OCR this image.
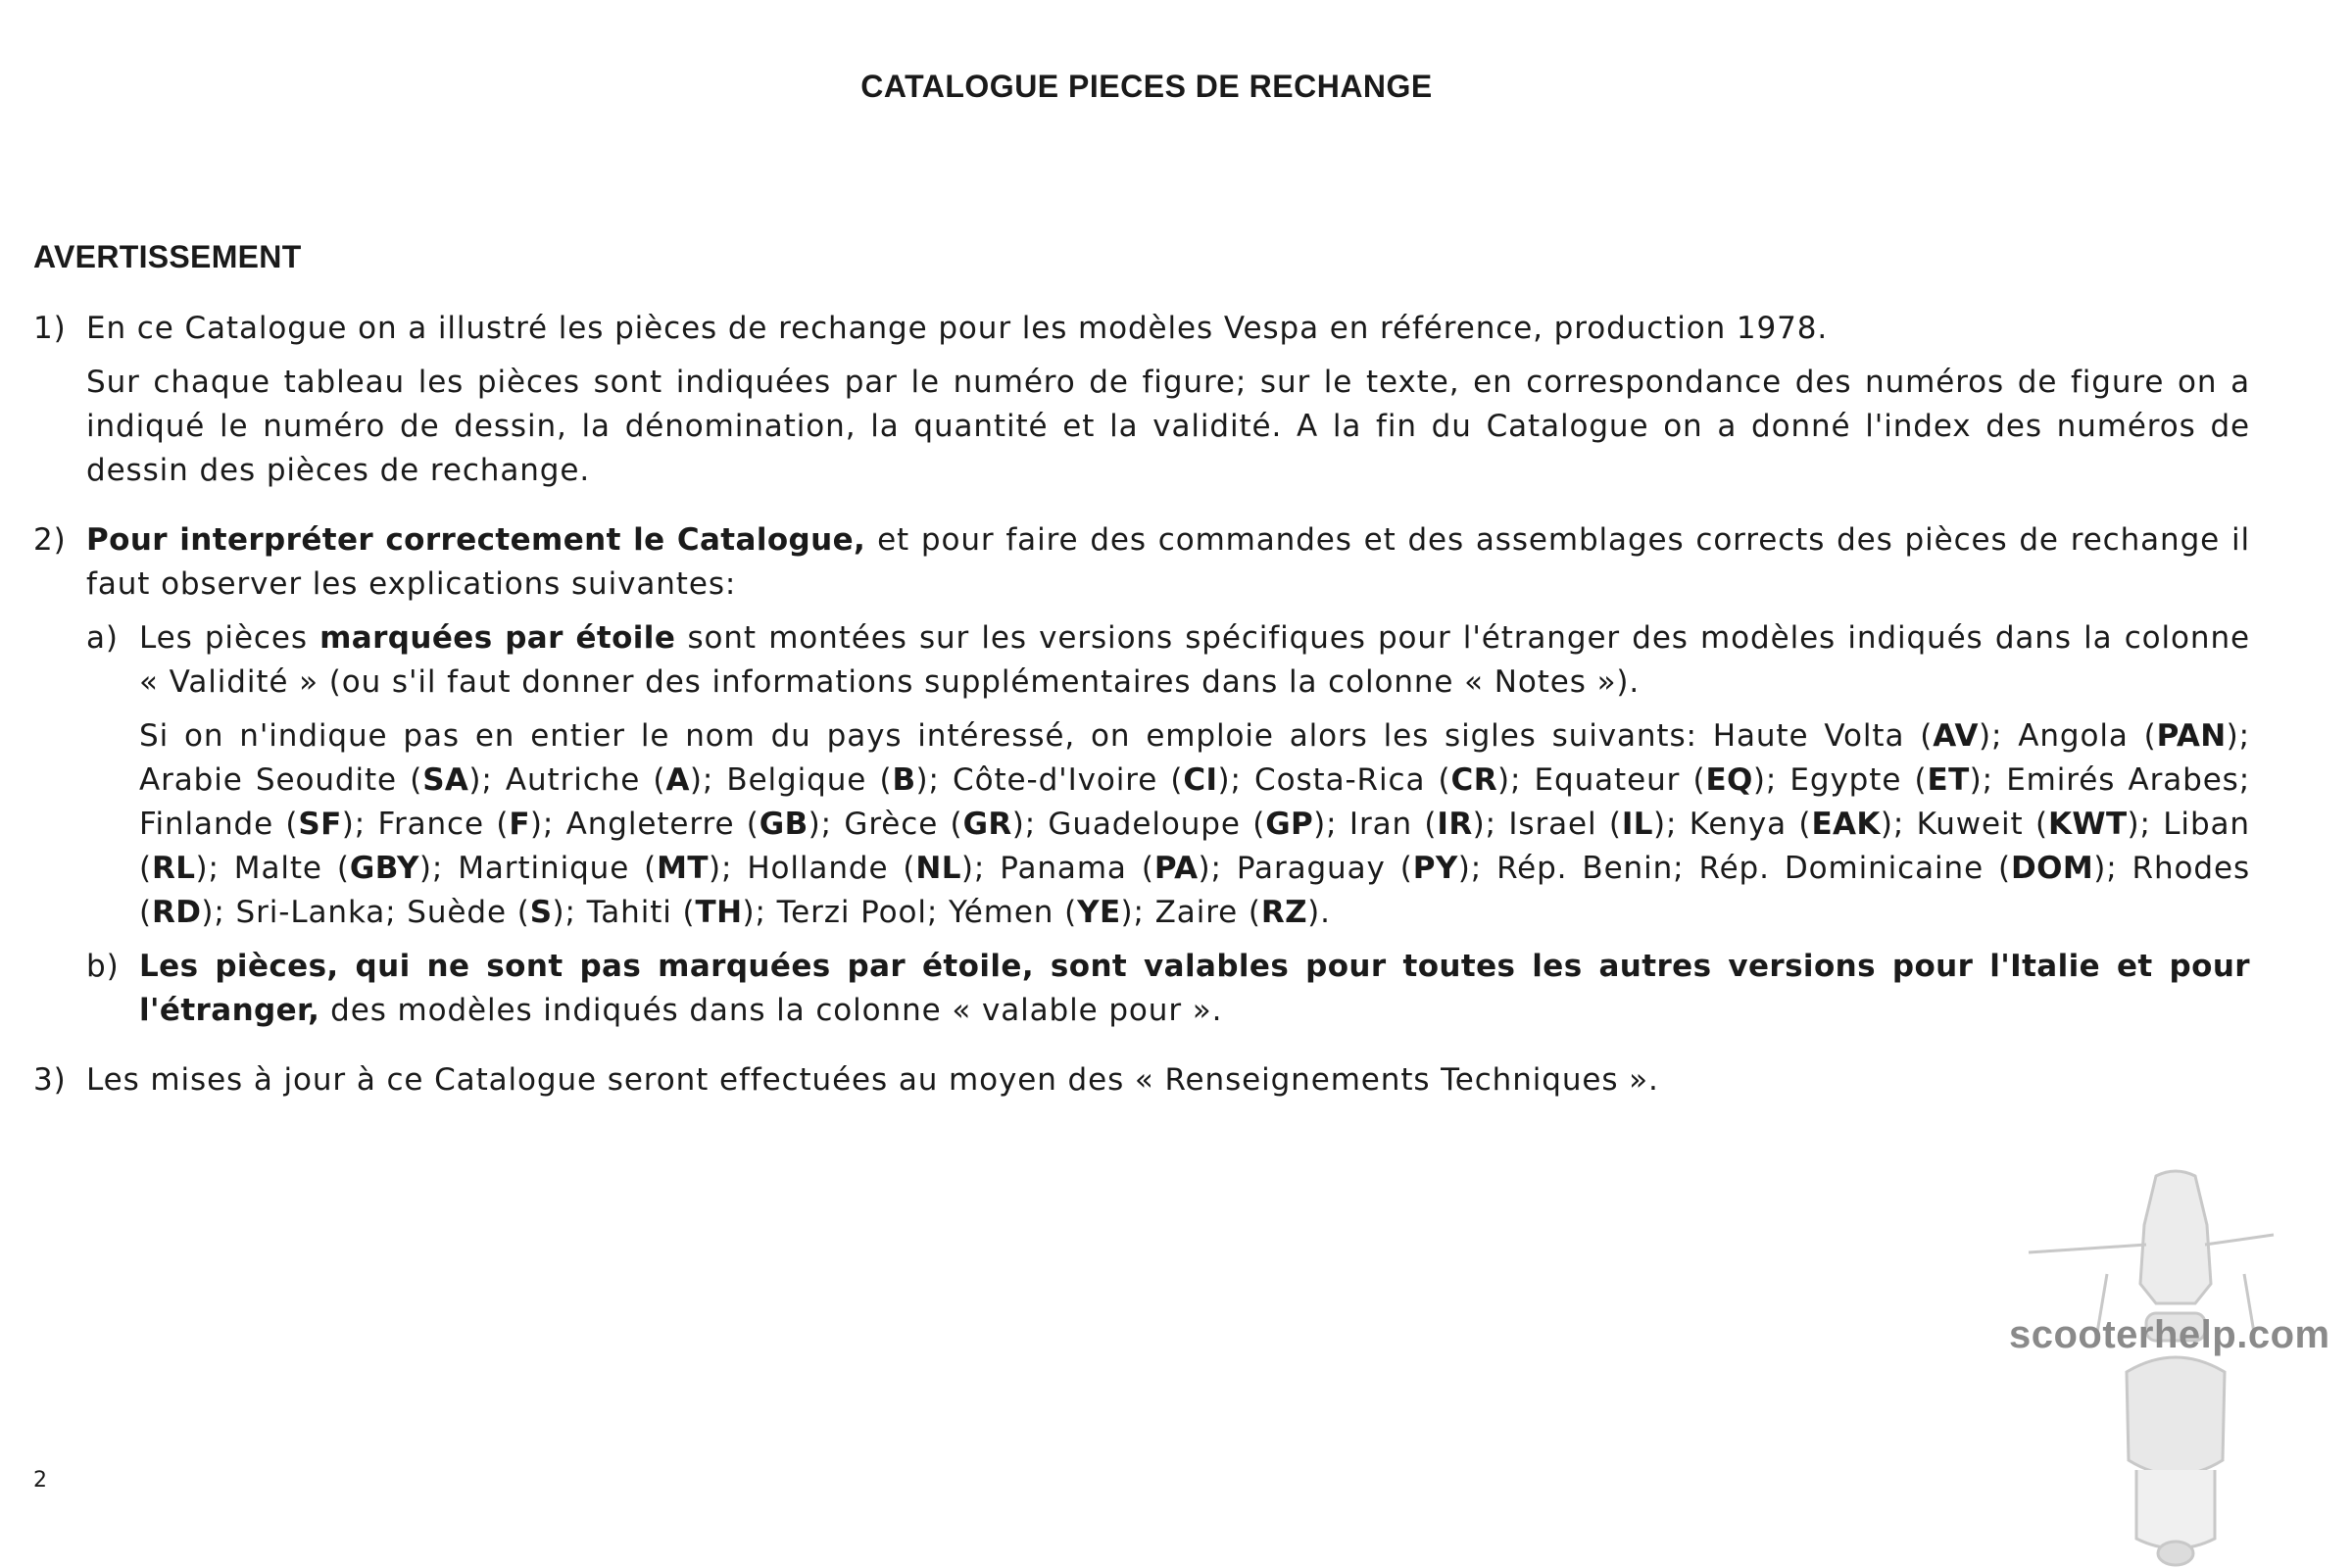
CATALOGUE PIECES DE RECHANGE
AVERTISSEMENT
1) En ce Catalogue on a illustré les pièces de rechange pour les modèles Vespa en référence, production 1978.

Sur chaque tableau les pièces sont indiquées par le numéro de figure; sur le texte, en correspondance des numéros de figure on a indiqué le numéro de dessin, la dénomination, la quantité et la validité. A la fin du Catalogue on a donné l'index des numéros de dessin des pièces de rechange.

2) Pour interpréter correctement le Catalogue, et pour faire des commandes et des assemblages corrects des pièces de rechange il faut observer les explications suivantes:

a) Les pièces marquées par étoile sont montées sur les versions spécifiques pour l'étranger des modèles indiqués dans la colonne « Validité » (ou s'il faut donner des informations supplémentaires dans la colonne « Notes »).

Si on n'indique pas en entier le nom du pays intéressé, on emploie alors les sigles suivants: Haute Volta (AV); Angola (PAN); Arabie Seoudite (SA); Autriche (A); Belgique (B); Côte-d'Ivoire (CI); Costa-Rica (CR); Equateur (EQ); Egypte (ET); Emirés Arabes; Finlande (SF); France (F); Angleterre (GB); Grèce (GR); Guadeloupe (GP); Iran (IR); Israel (IL); Kenya (EAK); Kuweit (KWT); Liban (RL); Malte (GBY); Martinique (MT); Hollande (NL); Panama (PA); Paraguay (PY); Rép. Benin; Rép. Dominicaine (DOM); Rhodes (RD); Sri-Lanka; Suède (S); Tahiti (TH); Terzi Pool; Yémen (YE); Zaire (RZ).

b) Les pièces, qui ne sont pas marquées par étoile, sont valables pour toutes les autres versions pour l'Italie et pour l'étranger, des modèles indiqués dans la colonne « valable pour ».

3) Les mises à jour à ce Catalogue seront effectuées au moyen des « Renseignements Techniques ».

2
scooterhelp.com
